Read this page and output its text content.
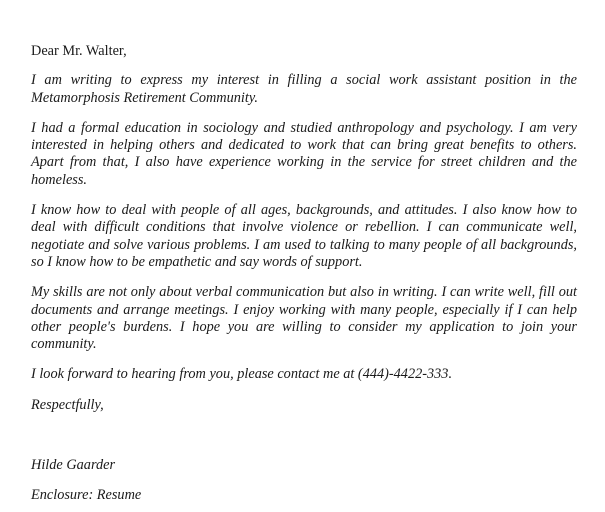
Dear Mr. Walter,

I am writing to express my interest in filling a social work assistant position in the Metamorphosis Retirement Community.

I had a formal education in sociology and studied anthropology and psychology. I am very interested in helping others and dedicated to work that can bring great benefits to others. Apart from that, I also have experience working in the service for street children and the homeless.

I know how to deal with people of all ages, backgrounds, and attitudes. I also know how to deal with difficult conditions that involve violence or rebellion. I can communicate well, negotiate and solve various problems. I am used to talking to many people of all backgrounds, so I know how to be empathetic and say words of support.

My skills are not only about verbal communication but also in writing. I can write well, fill out documents and arrange meetings. I enjoy working with many people, especially if I can help other people's burdens. I hope you are willing to consider my application to join your community.

I look forward to hearing from you, please contact me at (444)-4422-333.

Respectfully,

Hilde Gaarder

Enclosure: Resume
